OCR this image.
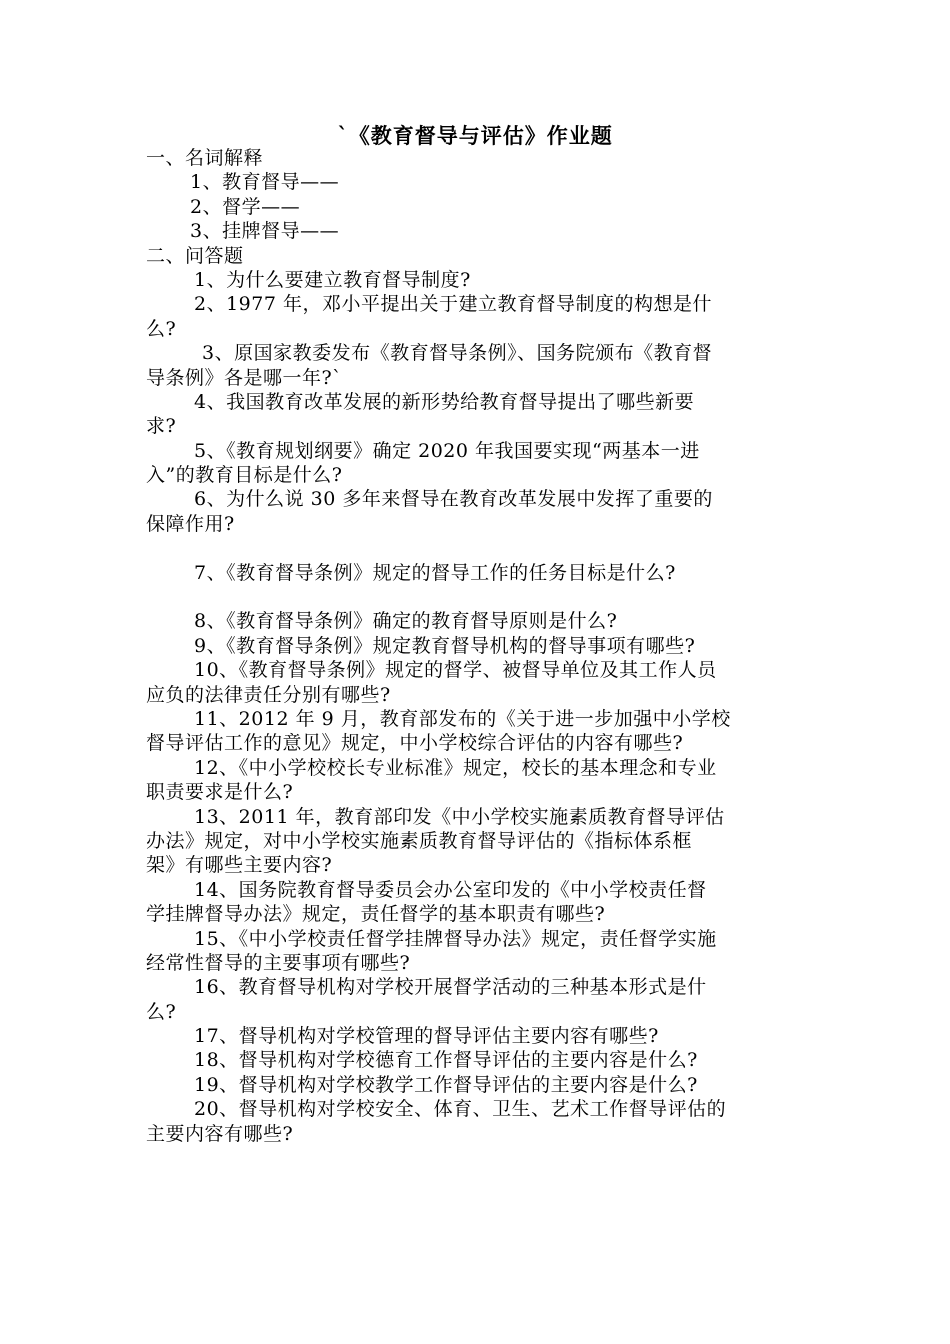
`《教育督导与评估》作业题
一、名词解释
1、教育督导——
2、督学——
3、挂牌督导——
二、问答题
1、为什么要建立教育督导制度?
2、1977 年，邓小平提出关于建立教育督导制度的构想是什
么?
3、原国家教委发布《教育督导条例》、国务院颁布《教育督
导条例》各是哪一年?`
4、我国教育改革发展的新形势给教育督导提出了哪些新要
求?
5、《教育规划纲要》确定 2020 年我国要实现“两基本一进
入”的教育目标是什么?
6、为什么说 30 多年来督导在教育改革发展中发挥了重要的
保障作用?
7、《教育督导条例》规定的督导工作的任务目标是什么?
8、《教育督导条例》确定的教育督导原则是什么?
9、《教育督导条例》规定教育督导机构的督导事项有哪些?
10、《教育督导条例》规定的督学、被督导单位及其工作人员
应负的法律责任分别有哪些?
11、2012 年 9 月，教育部发布的《关于进一步加强中小学校
督导评估工作的意见》规定，中小学校综合评估的内容有哪些?
12、《中小学校校长专业标准》规定，校长的基本理念和专业
职责要求是什么?
13、2011 年，教育部印发《中小学校实施素质教育督导评估
办法》规定，对中小学校实施素质教育督导评估的《指标体系框
架》有哪些主要内容?
14、国务院教育督导委员会办公室印发的《中小学校责任督
学挂牌督导办法》规定，责任督学的基本职责有哪些?
15、《中小学校责任督学挂牌督导办法》规定，责任督学实施
经常性督导的主要事项有哪些?
16、教育督导机构对学校开展督学活动的三种基本形式是什
么?
17、督导机构对学校管理的督导评估主要内容有哪些?
18、督导机构对学校德育工作督导评估的主要内容是什么?
19、督导机构对学校教学工作督导评估的主要内容是什么?
20、督导机构对学校安全、体育、卫生、艺术工作督导评估的
主要内容有哪些?
